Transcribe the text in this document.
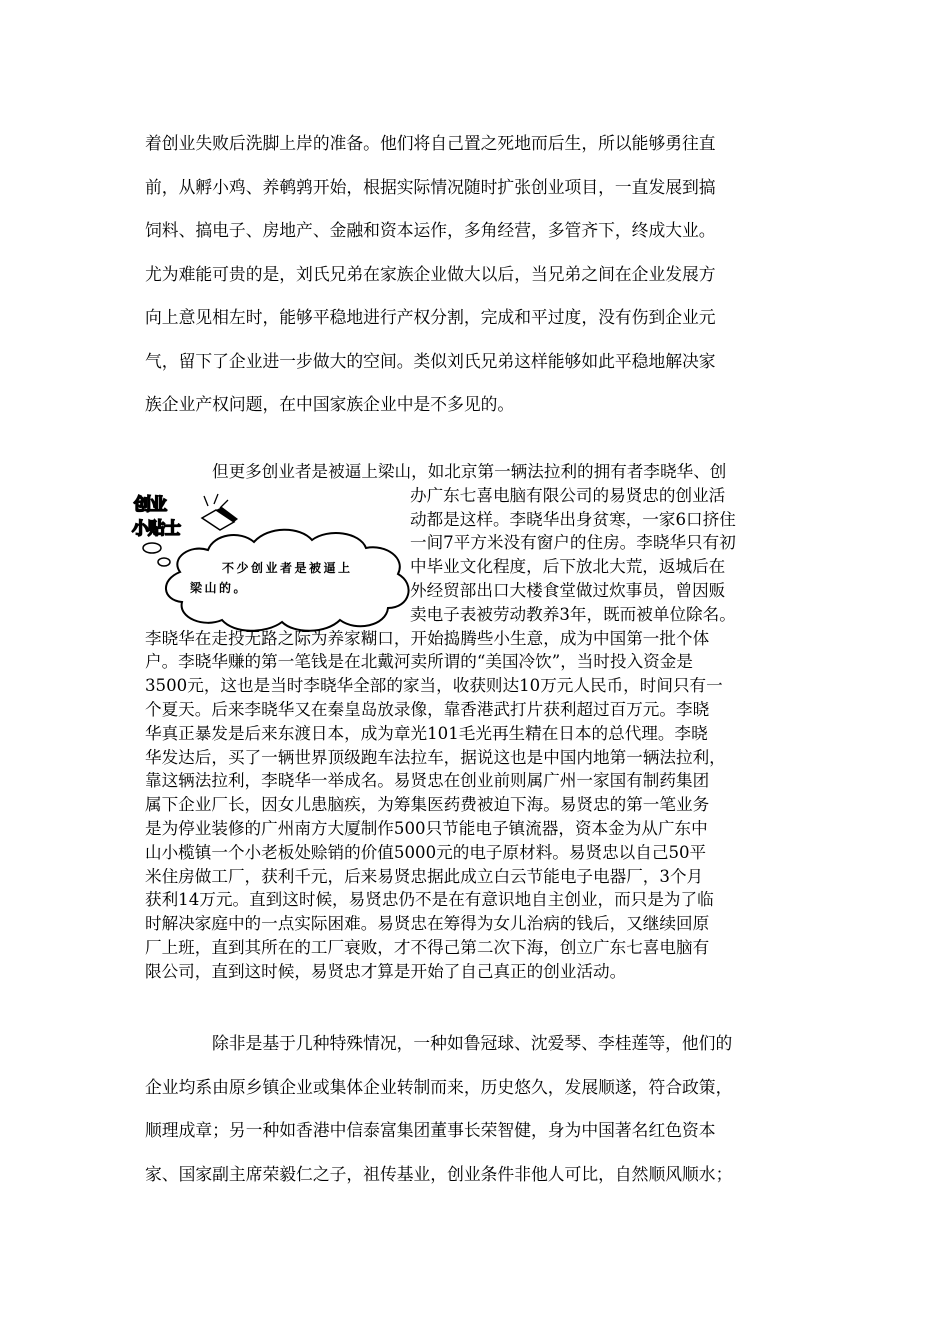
着创业失败后洗脚上岸的准备。他们将自己置之死地而后生，所以能够勇往直
前，从孵小鸡、养鹌鹑开始，根据实际情况随时扩张创业项目，一直发展到搞
饲料、搞电子、房地产、金融和资本运作，多角经营，多管齐下，终成大业。
尤为难能可贵的是，刘氏兄弟在家族企业做大以后，当兄弟之间在企业发展方
向上意见相左时，能够平稳地进行产权分割，完成和平过度，没有伤到企业元
气，留下了企业进一步做大的空间。类似刘氏兄弟这样能够如此平稳地解决家
族企业产权问题，在中国家族企业中是不多见的。

创业
小贴士
不少创业者是被逼上
梁山的。

但更多创业者是被逼上梁山，如北京第一辆法拉利的拥有者李晓华、创
办广东七喜电脑有限公司的易贤忠的创业活
动都是这样。李晓华出身贫寒，一家6口挤住
一间7平方米没有窗户的住房。李晓华只有初
中毕业文化程度，后下放北大荒，返城后在
外经贸部出口大楼食堂做过炊事员，曾因贩
卖电子表被劳动教养3年，既而被单位除名。
李晓华在走投无路之际为养家糊口，开始捣腾些小生意，成为中国第一批个体
户。李晓华赚的第一笔钱是在北戴河卖所谓的“美国冷饮”，当时投入资金是
3500元，这也是当时李晓华全部的家当，收获则达10万元人民币，时间只有一
个夏天。后来李晓华又在秦皇岛放录像，靠香港武打片获利超过百万元。李晓
华真正暴发是后来东渡日本，成为章光101毛光再生精在日本的总代理。李晓
华发达后，买了一辆世界顶级跑车法拉车，据说这也是中国内地第一辆法拉利，
靠这辆法拉利，李晓华一举成名。易贤忠在创业前则属广州一家国有制药集团
属下企业厂长，因女儿患脑疾，为筹集医药费被迫下海。易贤忠的第一笔业务
是为停业装修的广州南方大厦制作500只节能电子镇流器，资本金为从广东中
山小榄镇一个小老板处赊销的价值5000元的电子原材料。易贤忠以自己50平
米住房做工厂，获利千元，后来易贤忠据此成立白云节能电子电器厂，3个月
获利14万元。直到这时候，易贤忠仍不是在有意识地自主创业，而只是为了临
时解决家庭中的一点实际困难。易贤忠在筹得为女儿治病的钱后，又继续回原
厂上班，直到其所在的工厂衰败，才不得己第二次下海，创立广东七喜电脑有
限公司，直到这时候，易贤忠才算是开始了自己真正的创业活动。

除非是基于几种特殊情况，一种如鲁冠球、沈爱琴、李桂莲等，他们的
企业均系由原乡镇企业或集体企业转制而来，历史悠久，发展顺遂，符合政策，
顺理成章；另一种如香港中信泰富集团董事长荣智健，身为中国著名红色资本
家、国家副主席荣毅仁之子，祖传基业，创业条件非他人可比，自然顺风顺水；
